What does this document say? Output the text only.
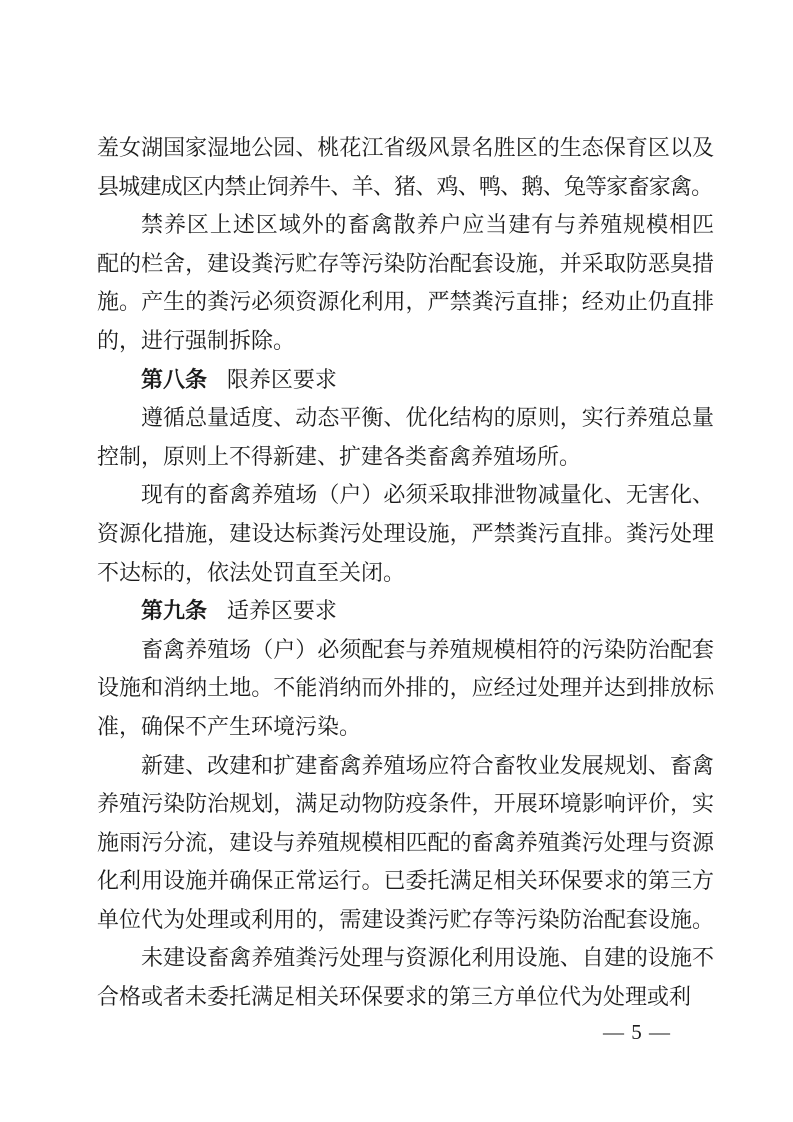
羞女湖国家湿地公园、桃花江省级风景名胜区的生态保育区以及
县城建成区内禁止饲养牛、羊、猪、鸡、鸭、鹅、兔等家畜家禽。
禁养区上述区域外的畜禽散养户应当建有与养殖规模相匹
配的栏舍，建设粪污贮存等污染防治配套设施，并采取防恶臭措
施。产生的粪污必须资源化利用，严禁粪污直排；经劝止仍直排
的，进行强制拆除。
第八条 限养区要求
遵循总量适度、动态平衡、优化结构的原则，实行养殖总量
控制，原则上不得新建、扩建各类畜禽养殖场所。
现有的畜禽养殖场（户）必须采取排泄物减量化、无害化、
资源化措施，建设达标粪污处理设施，严禁粪污直排。粪污处理
不达标的，依法处罚直至关闭。
第九条 适养区要求
畜禽养殖场（户）必须配套与养殖规模相符的污染防治配套
设施和消纳土地。不能消纳而外排的，应经过处理并达到排放标
准，确保不产生环境污染。
新建、改建和扩建畜禽养殖场应符合畜牧业发展规划、畜禽
养殖污染防治规划，满足动物防疫条件，开展环境影响评价，实
施雨污分流，建设与养殖规模相匹配的畜禽养殖粪污处理与资源
化利用设施并确保正常运行。已委托满足相关环保要求的第三方
单位代为处理或利用的，需建设粪污贮存等污染防治配套设施。
未建设畜禽养殖粪污处理与资源化利用设施、自建的设施不
合格或者未委托满足相关环保要求的第三方单位代为处理或利
— 5 —
